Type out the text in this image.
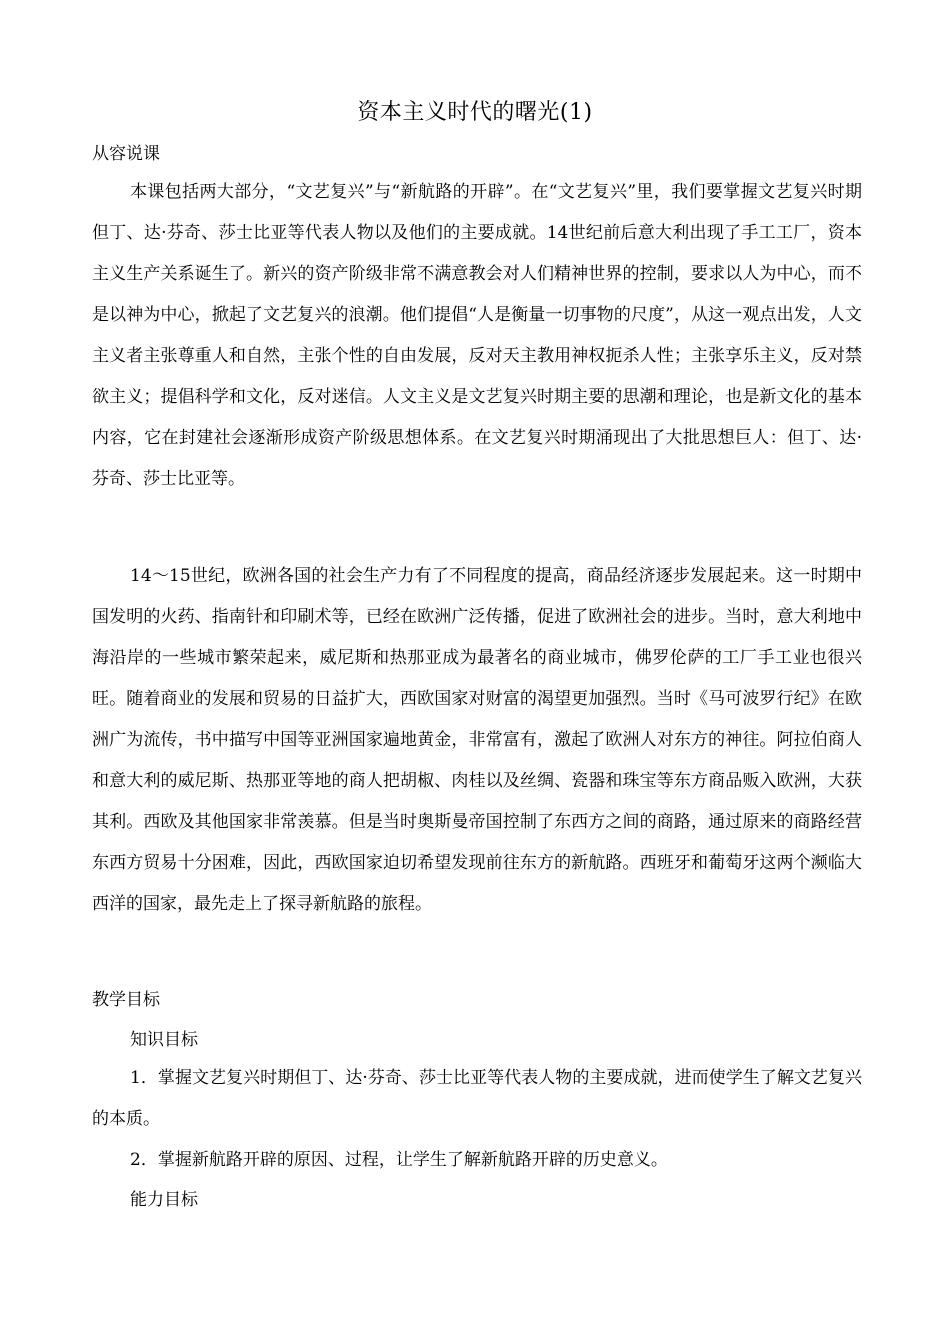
资本主义时代的曙光(1)
从容说课

本课包括两大部分，“文艺复兴”与“新航路的开辟”。在“文艺复兴”里，我们要掌握文艺复兴时期但丁、达·芬奇、莎士比亚等代表人物以及他们的主要成就。14世纪前后意大利出现了手工工厂，资本主义生产关系诞生了。新兴的资产阶级非常不满意教会对人们精神世界的控制，要求以人为中心，而不是以神为中心，掀起了文艺复兴的浪潮。他们提倡“人是衡量一切事物的尺度”，从这一观点出发，人文主义者主张尊重人和自然，主张个性的自由发展，反对天主教用神权扼杀人性；主张享乐主义，反对禁欲主义；提倡科学和文化，反对迷信。人文主义是文艺复兴时期主要的思潮和理论，也是新文化的基本内容，它在封建社会逐渐形成资产阶级思想体系。在文艺复兴时期涌现出了大批思想巨人：但丁、达·芬奇、莎士比亚等。

14～15世纪，欧洲各国的社会生产力有了不同程度的提高，商品经济逐步发展起来。这一时期中国发明的火药、指南针和印刷术等，已经在欧洲广泛传播，促进了欧洲社会的进步。当时，意大利地中海沿岸的一些城市繁荣起来，威尼斯和热那亚成为最著名的商业城市，佛罗伦萨的工厂手工业也很兴旺。随着商业的发展和贸易的日益扩大，西欧国家对财富的渴望更加强烈。当时《马可波罗行纪》在欧洲广为流传，书中描写中国等亚洲国家遍地黄金，非常富有，激起了欧洲人对东方的神往。阿拉伯商人和意大利的威尼斯、热那亚等地的商人把胡椒、肉桂以及丝绸、瓷器和珠宝等东方商品贩入欧洲，大获其利。西欧及其他国家非常羡慕。但是当时奥斯曼帝国控制了东西方之间的商路，通过原来的商路经营东西方贸易十分困难，因此，西欧国家迫切希望发现前往东方的新航路。西班牙和葡萄牙这两个濒临大西洋的国家，最先走上了探寻新航路的旅程。

教学目标
知识目标

1．掌握文艺复兴时期但丁、达·芬奇、莎士比亚等代表人物的主要成就，进而使学生了解文艺复兴的本质。

2．掌握新航路开辟的原因、过程，让学生了解新航路开辟的历史意义。

能力目标
